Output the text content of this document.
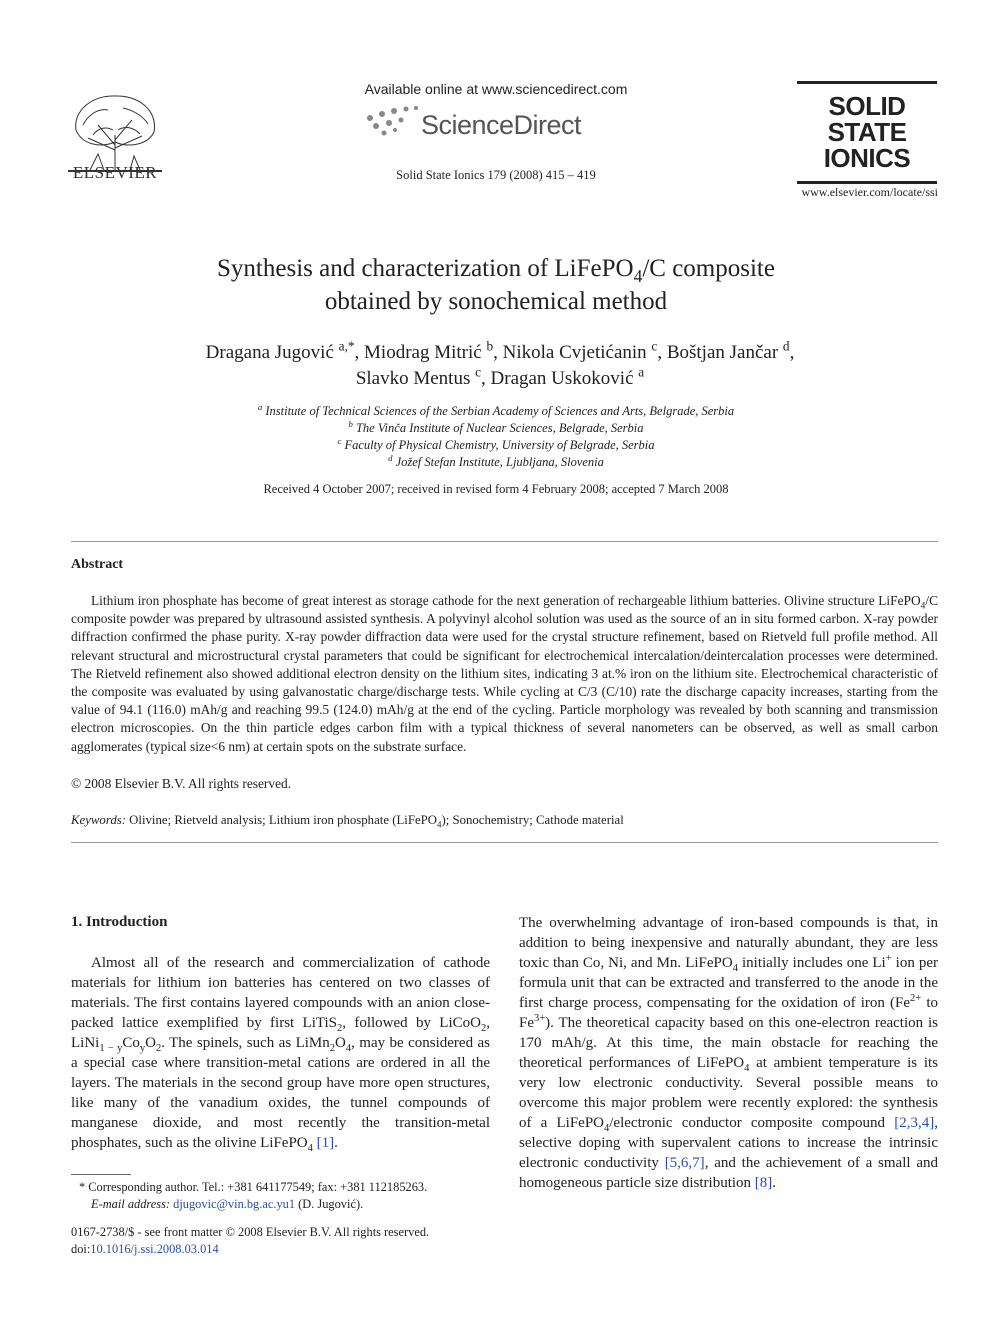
ELSEVIER
Available online at www.sciencedirect.com
ScienceDirect
Solid State Ionics 179 (2008) 415 – 419
SOLID
STATE
IONICS
www.elsevier.com/locate/ssi
Synthesis and characterization of LiFePO$_4$/C composite
obtained by sonochemical method
Dragana Jugović $^{a,*}$, Miodrag Mitrić $^b$, Nikola Cvjetićanin $^c$, Boštjan Jančar $^d$,
Slavko Mentus $^c$, Dragan Uskoković $^a$
$^a$ Institute of Technical Sciences of the Serbian Academy of Sciences and Arts, Belgrade, Serbia
$^b$ The Vinča Institute of Nuclear Sciences, Belgrade, Serbia
$^c$ Faculty of Physical Chemistry, University of Belgrade, Serbia
$^d$ Jožef Stefan Institute, Ljubljana, Slovenia
Received 4 October 2007; received in revised form 4 February 2008; accepted 7 March 2008
Abstract

Lithium iron phosphate has become of great interest as storage cathode for the next generation of rechargeable lithium batteries. Olivine structure LiFePO$_4$/C composite powder was prepared by ultrasound assisted synthesis. A polyvinyl alcohol solution was used as the source of an in situ formed carbon. X-ray powder diffraction confirmed the phase purity. X-ray powder diffraction data were used for the crystal structure refinement, based on Rietveld full profile method. All relevant structural and microstructural crystal parameters that could be significant for electrochemical intercalation/deintercalation processes were determined. The Rietveld refinement also showed additional electron density on the lithium sites, indicating 3 at.% iron on the lithium site. Electrochemical characteristic of the composite was evaluated by using galvanostatic charge/discharge tests. While cycling at C/3 (C/10) rate the discharge capacity increases, starting from the value of 94.1 (116.0) mAh/g and reaching 99.5 (124.0) mAh/g at the end of the cycling. Particle morphology was revealed by both scanning and transmission electron microscopies. On the thin particle edges carbon film with a typical thickness of several nanometers can be observed, as well as small carbon agglomerates (typical size<6 nm) at certain spots on the substrate surface.

© 2008 Elsevier B.V. All rights reserved.
Keywords: Olivine; Rietveld analysis; Lithium iron phosphate (LiFePO$_4$); Sonochemistry; Cathode material
1. Introduction

Almost all of the research and commercialization of cathode materials for lithium ion batteries has centered on two classes of materials. The first contains layered compounds with an anion close-packed lattice exemplified by first LiTiS$_2$, followed by LiCoO$_2$, $LiNi_{1 - y}Co_yO_2$. The spinels, such as $LiMn_2O_4$, may be considered as a special case where transition-metal cations are ordered in all the layers. The materials in the second group have more open structures, like many of the vanadium oxides, the tunnel compounds of manganese dioxide, and most recently the transition-metal phosphates, such as the olivine LiFePO$_4$ [1].

The overwhelming advantage of iron-based compounds is that, in addition to being inexpensive and naturally abundant, they are less toxic than Co, Ni, and Mn. LiFePO$_4$ initially includes one Li+ ion per formula unit that can be extracted and transferred to the anode in the first charge process, compensating for the oxidation of iron ($Fe^{2+}$ to $Fe^{3+}$). The theoretical capacity based on this one-electron reaction is 170 mAh/g. At this time, the main obstacle for reaching the theoretical performances of LiFePO$_4$ at ambient temperature is its very low electronic conductivity. Several possible means to overcome this major problem were recently explored: the synthesis of a LiFePO$_4$/electronic conductor composite compound [2,3,4], selective doping with supervalent cations to increase the intrinsic electronic conductivity [5,6,7], and the achievement of a small and homogeneous particle size distribution [8].

* Corresponding author. Tel.: +381 641177549; fax: +381 112185263.
E-mail address: djugovic@vin.bg.ac.yu1 (D. Jugović).
0167-2738/$ - see front matter © 2008 Elsevier B.V. All rights reserved.
doi:10.1016/j.ssi.2008.03.014
